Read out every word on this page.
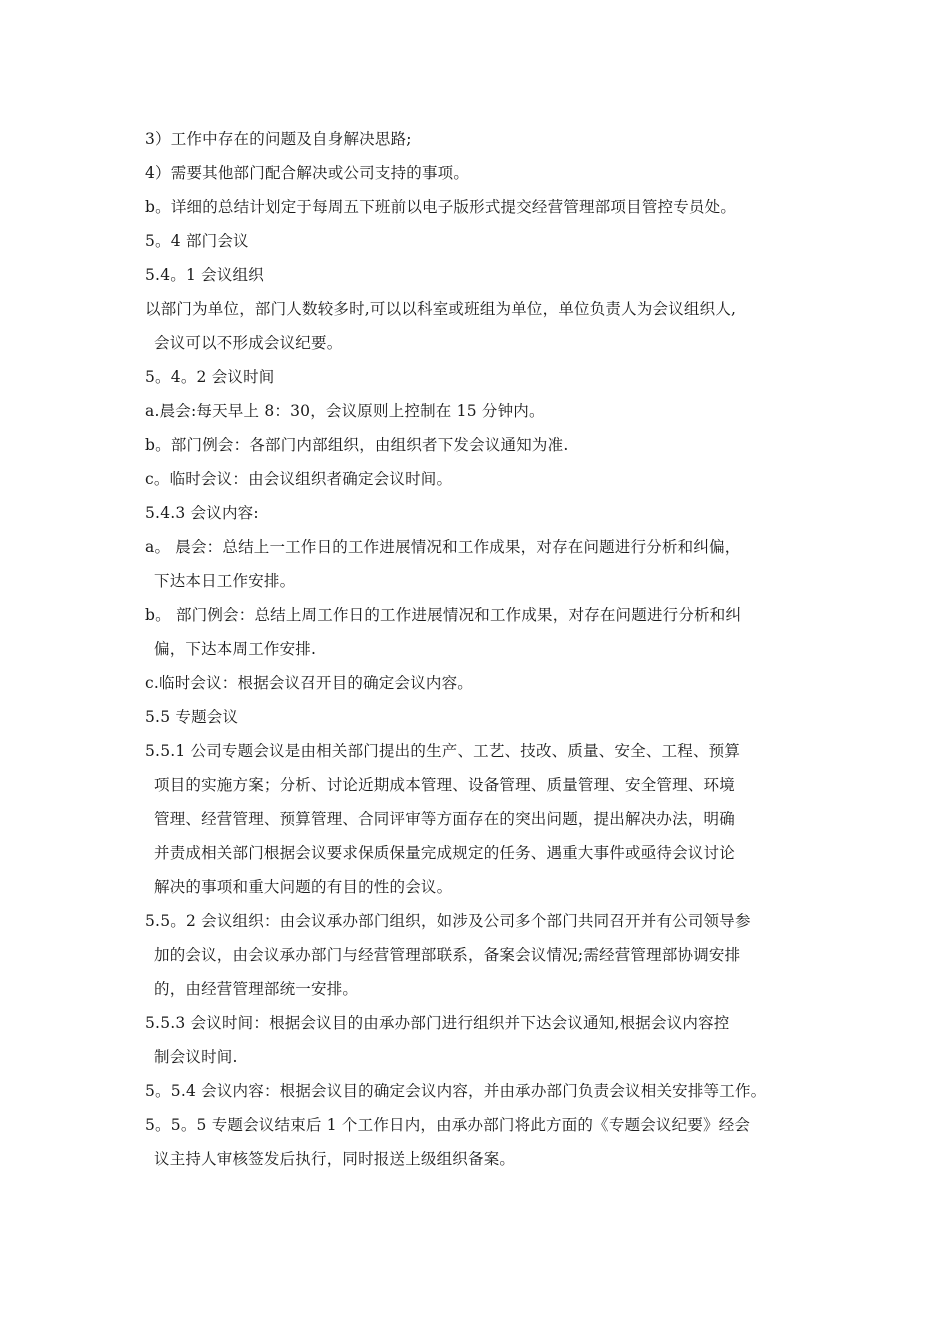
3）工作中存在的问题及自身解决思路;
4）需要其他部门配合解决或公司支持的事项。
b。详细的总结计划定于每周五下班前以电子版形式提交经营管理部项目管控专员处。
5。4 部门会议
5.4。1 会议组织
以部门为单位，部门人数较多时,可以以科室或班组为单位，单位负责人为会议组织人,
会议可以不形成会议纪要。
5。4。2 会议时间
a.晨会:每天早上 8：30，会议原则上控制在 15 分钟内。
b。部门例会：各部门内部组织，由组织者下发会议通知为准.
c。临时会议：由会议组织者确定会议时间。
5.4.3 会议内容:
a。 晨会：总结上一工作日的工作进展情况和工作成果，对存在问题进行分析和纠偏，
下达本日工作安排。
b。 部门例会：总结上周工作日的工作进展情况和工作成果，对存在问题进行分析和纠
偏，下达本周工作安排.
c.临时会议：根据会议召开目的确定会议内容。
5.5 专题会议
5.5.1 公司专题会议是由相关部门提出的生产、工艺、技改、质量、安全、工程、预算
项目的实施方案；分析、讨论近期成本管理、设备管理、质量管理、安全管理、环境
管理、经营管理、预算管理、合同评审等方面存在的突出问题，提出解决办法，明确
并责成相关部门根据会议要求保质保量完成规定的任务、遇重大事件或亟待会议讨论
解决的事项和重大问题的有目的性的会议。
5.5。2 会议组织：由会议承办部门组织，如涉及公司多个部门共同召开并有公司领导参
加的会议，由会议承办部门与经营管理部联系，备案会议情况;需经营管理部协调安排
的，由经营管理部统一安排。
5.5.3 会议时间：根据会议目的由承办部门进行组织并下达会议通知,根据会议内容控
制会议时间.
5。5.4 会议内容：根据会议目的确定会议内容，并由承办部门负责会议相关安排等工作。
5。5。5 专题会议结束后 1 个工作日内，由承办部门将此方面的《专题会议纪要》经会
议主持人审核签发后执行，同时报送上级组织备案。
